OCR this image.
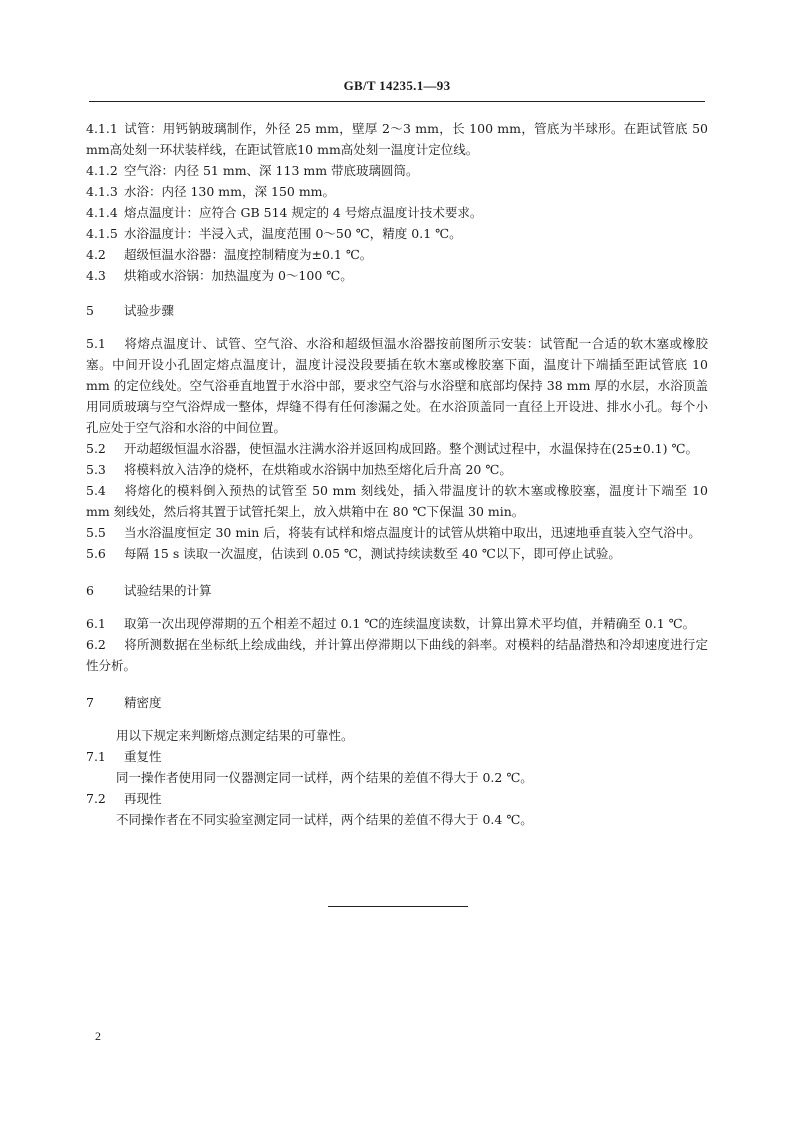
GB/T 14235.1—93

4.1.1 试管：用钙钠玻璃制作，外径 25 mm，壁厚 2～3 mm，长 100 mm，管底为半球形。在距试管底 50 mm高处刻一环状装样线，在距试管底10 mm高处刻一温度计定位线。

4.1.2 空气浴：内径 51 mm、深 113 mm 带底玻璃圆筒。

4.1.3 水浴：内径 130 mm，深 150 mm。

4.1.4 熔点温度计：应符合 GB 514 规定的 4 号熔点温度计技术要求。

4.1.5 水浴温度计：半浸入式，温度范围 0～50 ℃，精度 0.1 ℃。

4.2 超级恒温水浴器：温度控制精度为±0.1 ℃。

4.3 烘箱或水浴锅：加热温度为 0～100 ℃。

5 试验步骤

5.1 将熔点温度计、试管、空气浴、水浴和超级恒温水浴器按前图所示安装：试管配一合适的软木塞或橡胶塞。中间开设小孔固定熔点温度计，温度计浸没段要插在软木塞或橡胶塞下面，温度计下端插至距试管底 10 mm 的定位线处。空气浴垂直地置于水浴中部，要求空气浴与水浴壁和底部均保持 38 mm 厚的水层，水浴顶盖用同质玻璃与空气浴焊成一整体，焊缝不得有任何渗漏之处。在水浴顶盖同一直径上开设进、排水小孔。每个小孔应处于空气浴和水浴的中间位置。

5.2 开动超级恒温水浴器，使恒温水注满水浴并返回构成回路。整个测试过程中，水温保持在(25±0.1) ℃。

5.3 将模料放入洁净的烧杯，在烘箱或水浴锅中加热至熔化后升高 20 ℃。

5.4 将熔化的模料倒入预热的试管至 50 mm 刻线处，插入带温度计的软木塞或橡胶塞，温度计下端至 10 mm 刻线处，然后将其置于试管托架上，放入烘箱中在 80 ℃下保温 30 min。

5.5 当水浴温度恒定 30 min 后，将装有试样和熔点温度计的试管从烘箱中取出，迅速地垂直装入空气浴中。

5.6 每隔 15 s 读取一次温度，估读到 0.05 ℃，测试持续读数至 40 ℃以下，即可停止试验。

6 试验结果的计算

6.1 取第一次出现停滞期的五个相差不超过 0.1 ℃的连续温度读数，计算出算术平均值，并精确至 0.1 ℃。

6.2 将所测数据在坐标纸上绘成曲线，并计算出停滞期以下曲线的斜率。对模料的结晶潜热和冷却速度进行定性分析。

7 精密度

用以下规定来判断熔点测定结果的可靠性。

7.1 重复性

同一操作者使用同一仪器测定同一试样，两个结果的差值不得大于 0.2 ℃。

7.2 再现性

不同操作者在不同实验室测定同一试样，两个结果的差值不得大于 0.4 ℃。

2
